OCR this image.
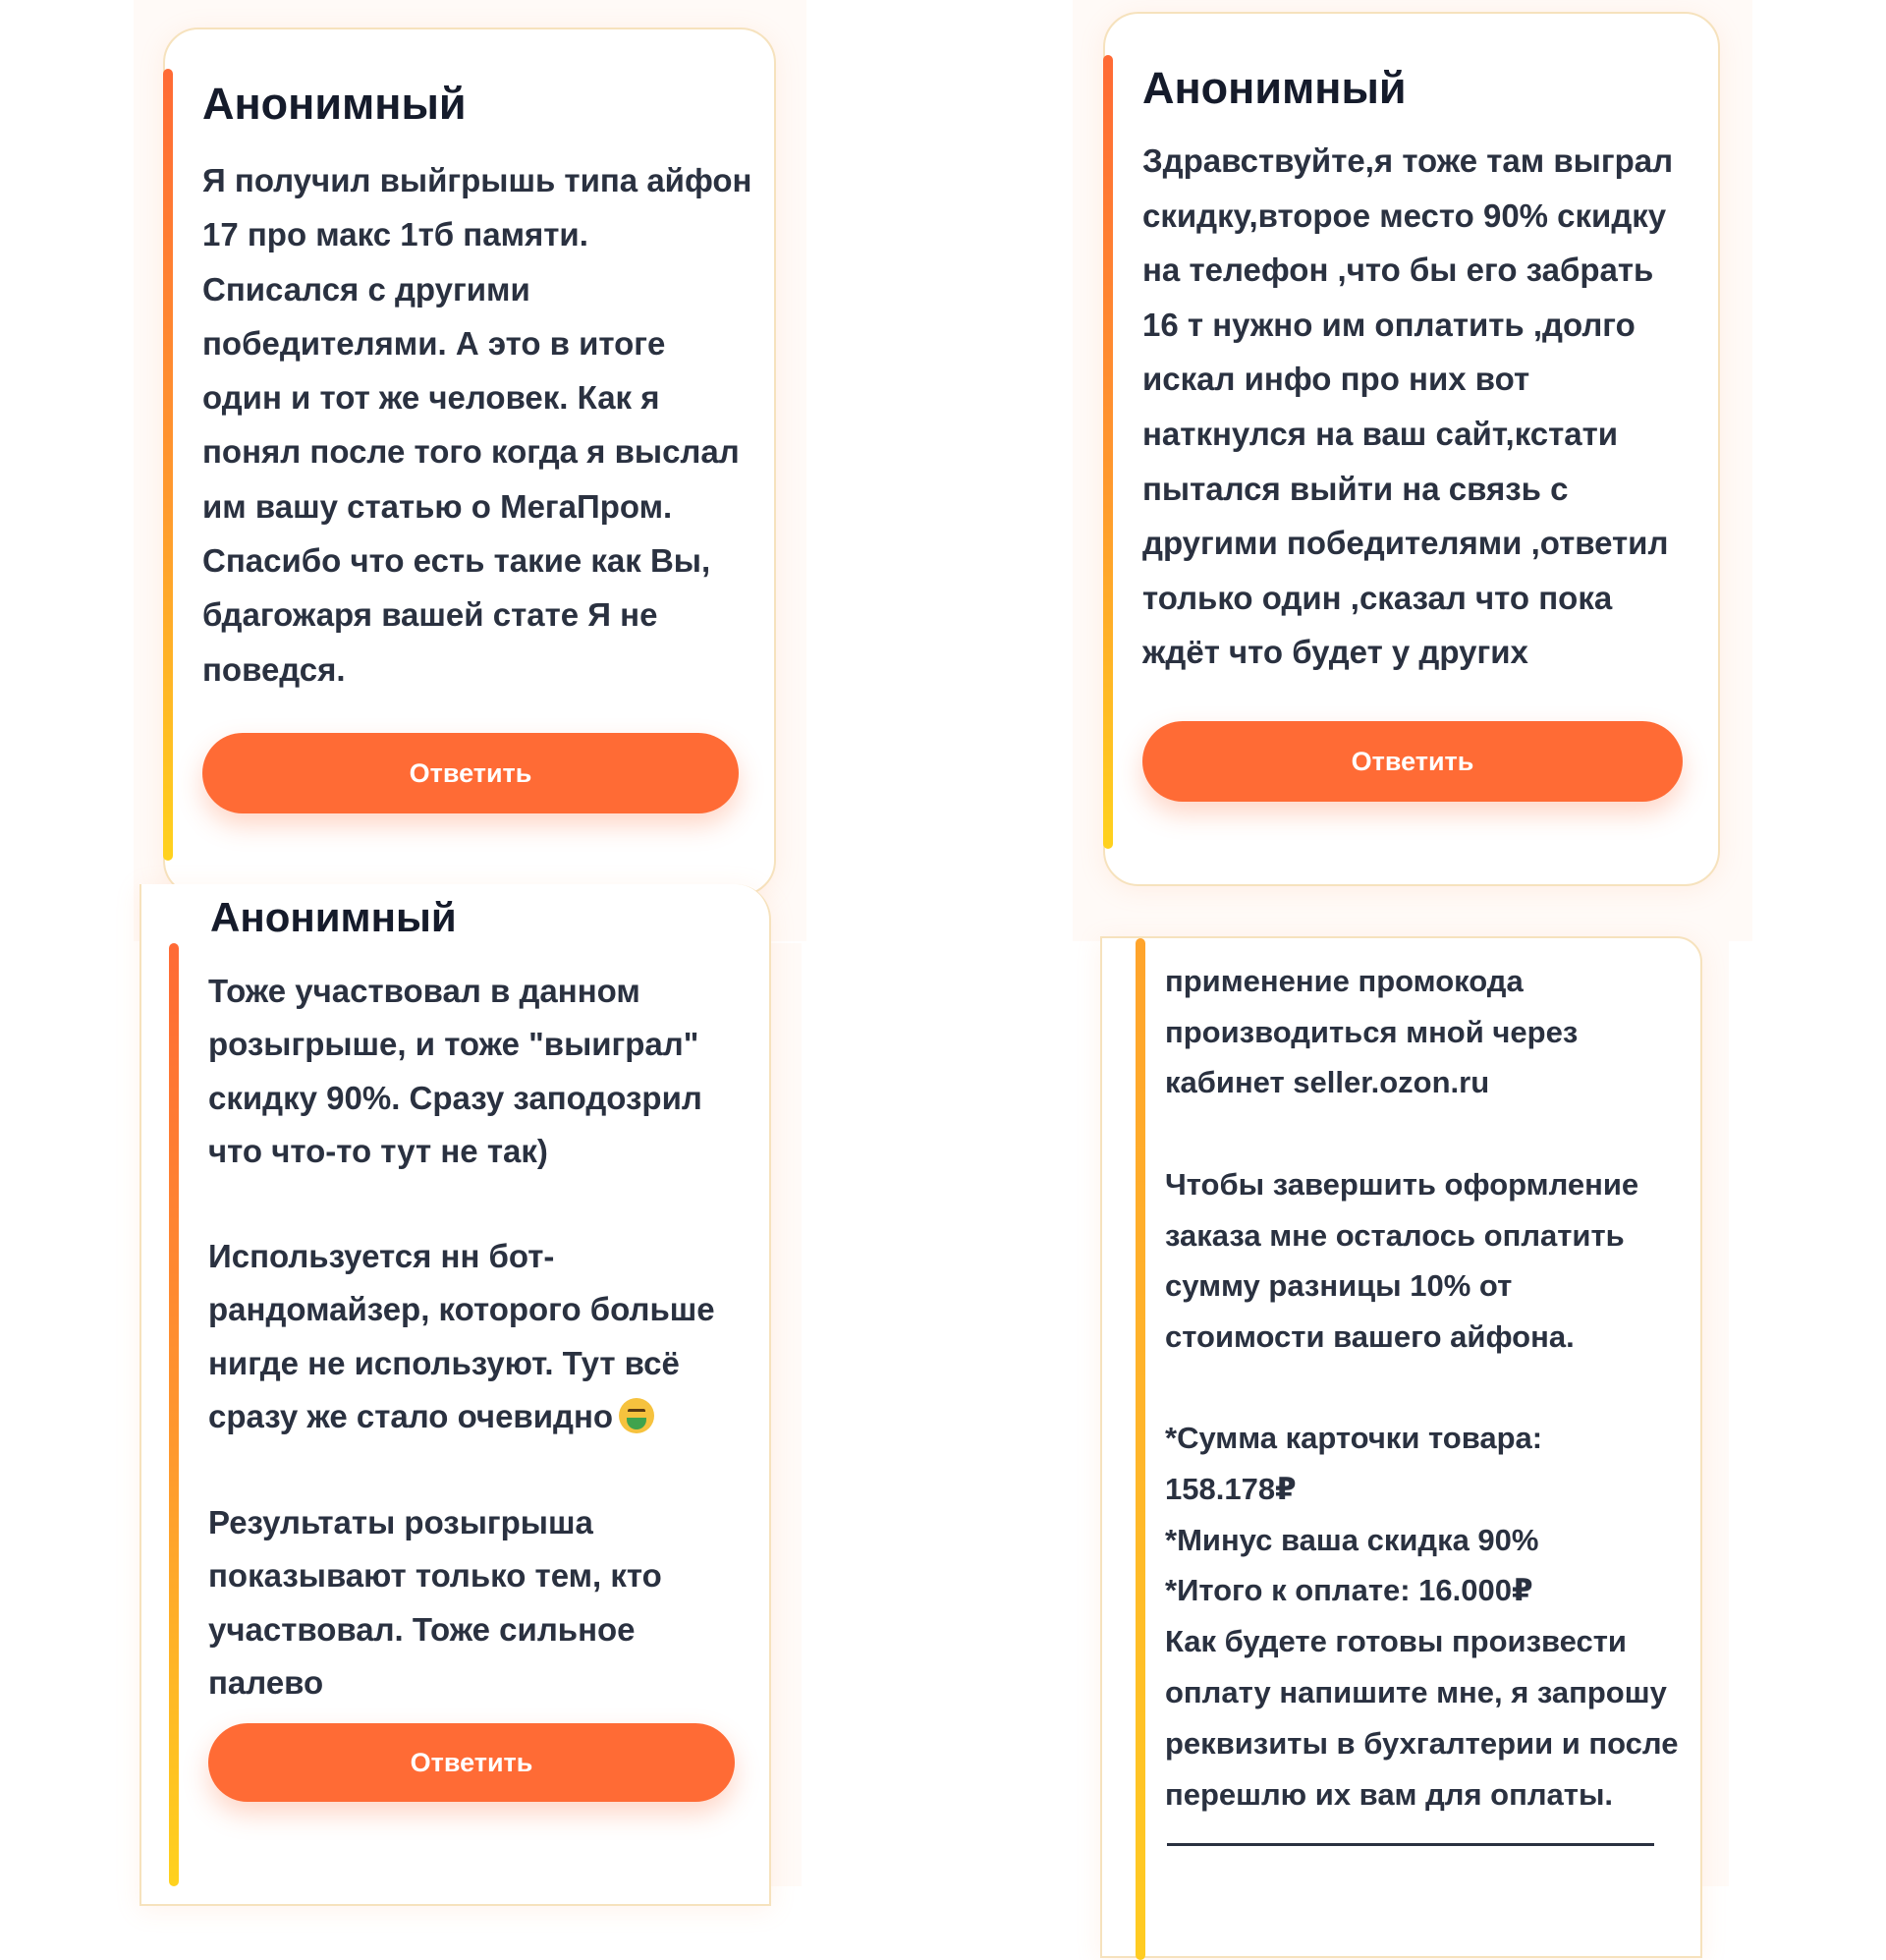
Анонимный

Я получил выйгрышь типа айфон
17 про макс 1тб памяти.
Списался с другими
победителями. А это в итоге
один и тот же человек. Как я
понял после того когда я выслал
им вашу статью о МегаПром.
Спасибо что есть такие как Вы,
бдагожаря вашей стате Я не
поведся.

Ответить
Анонимный

Здравствуйте,я тоже там выграл
скидку,второе место 90% скидку
на телефон ,что бы его забрать
16 т нужно им оплатить ,долго
искал инфо про них вот
наткнулся на ваш сайт,кстати
пытался выйти на связь с
другими победителями ,ответил
только один ,сказал что пока
ждёт что будет у других

Ответить
Анонимный

Тоже участвовал в данном
розыгрыше, и тоже "выиграл"
скидку 90%. Сразу заподозрил
что что-то тут не так)

Используется нн бот-
рандомайзер, которого больше
нигде не используют. Тут всё
сразу же стало очевидно

Результаты розыгрыша
показывают только тем, кто
участвовал. Тоже сильное
палево

Ответить

применение промокода
производиться мной через
кабинет seller.ozon.ru

Чтобы завершить оформление
заказа мне осталось оплатить
сумму разницы 10% от
стоимости вашего айфона.

*Сумма карточки товара:
158.178₽
*Минус ваша скидка 90%
*Итого к оплате: 16.000₽
Как будете готовы произвести
оплату напишите мне, я запрошу
реквизиты в бухгалтерии и после
перешлю их вам для оплаты.
